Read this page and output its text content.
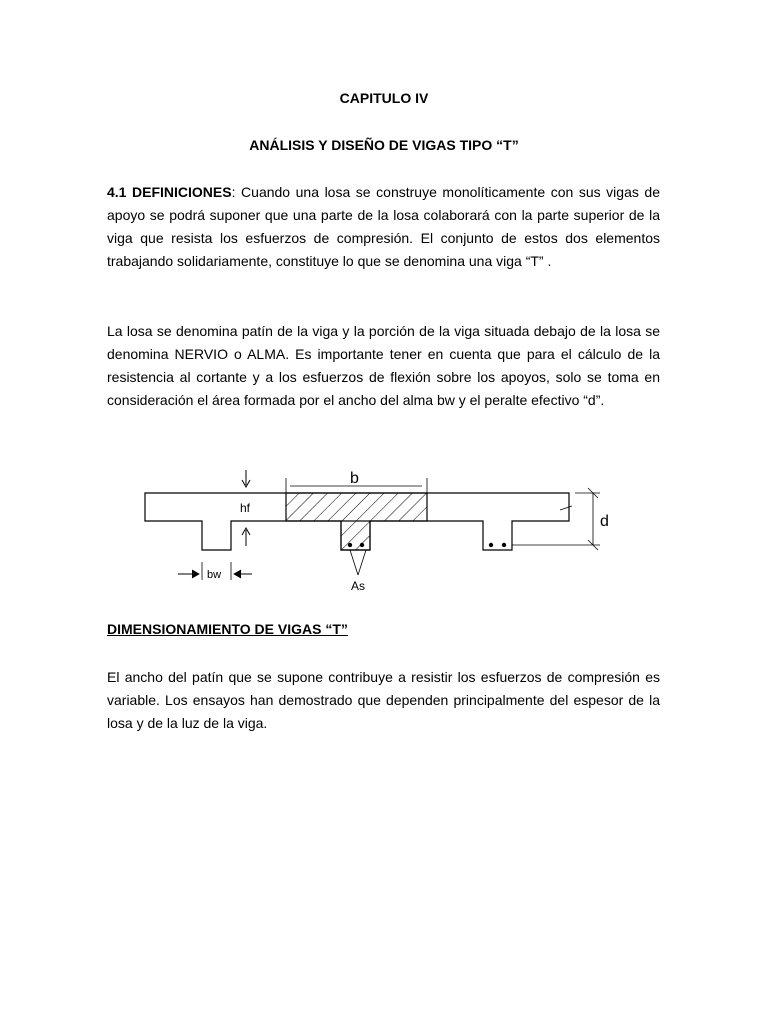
CAPITULO IV
ANÁLISIS Y DISEÑO DE VIGAS TIPO “T”

4.1 DEFINICIONES: Cuando una losa se construye monolíticamente con sus vigas de apoyo se podrá suponer que una parte de la losa colaborará con la parte superior de la viga que resista los esfuerzos de compresión. El conjunto de estos dos elementos trabajando solidariamente, constituye lo que se denomina una viga “T” .

La losa se denomina patín de la viga y la porción de la viga situada debajo de la losa se denomina NERVIO o ALMA. Es importante tener en cuenta que para el cálculo de la resistencia al cortante y a los esfuerzos de flexión sobre los apoyos, solo se toma en consideración el área formada por el ancho del alma bw y el peralte efectivo “d”.

b
hf
d
As
bw
DIMENSIONAMIENTO DE VIGAS “T”

El ancho del patín que se supone contribuye a resistir los esfuerzos de compresión es variable. Los ensayos han demostrado que dependen principalmente del espesor de la losa y de la luz de la viga.
